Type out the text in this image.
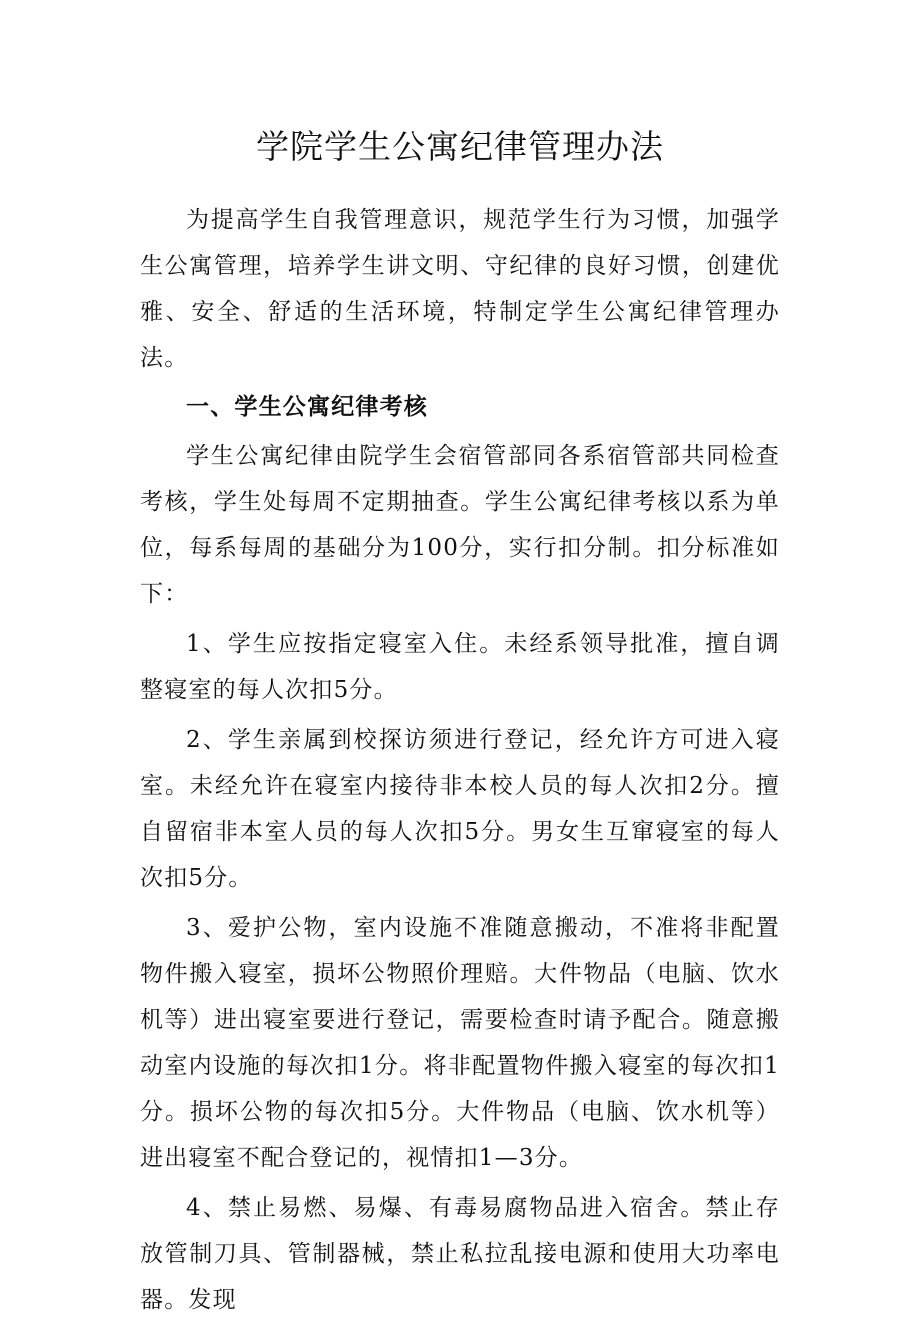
学院学生公寓纪律管理办法

为提高学生自我管理意识，规范学生行为习惯，加强学生公寓管理，培养学生讲文明、守纪律的良好习惯，创建优雅、安全、舒适的生活环境，特制定学生公寓纪律管理办法。

一、学生公寓纪律考核

学生公寓纪律由院学生会宿管部同各系宿管部共同检查考核，学生处每周不定期抽查。学生公寓纪律考核以系为单位，每系每周的基础分为100分，实行扣分制。扣分标准如下：

1、学生应按指定寝室入住。未经系领导批准，擅自调整寝室的每人次扣5分。

2、学生亲属到校探访须进行登记，经允许方可进入寝室。未经允许在寝室内接待非本校人员的每人次扣2分。擅自留宿非本室人员的每人次扣5分。男女生互窜寝室的每人次扣5分。

3、爱护公物，室内设施不准随意搬动，不准将非配置物件搬入寝室，损坏公物照价理赔。大件物品（电脑、饮水机等）进出寝室要进行登记，需要检查时请予配合。随意搬动室内设施的每次扣1分。将非配置物件搬入寝室的每次扣1分。损坏公物的每次扣5分。大件物品（电脑、饮水机等）进出寝室不配合登记的，视情扣1—3分。

4、禁止易燃、易爆、有毒易腐物品进入宿舍。禁止存放管制刀具、管制器械，禁止私拉乱接电源和使用大功率电器。发现
